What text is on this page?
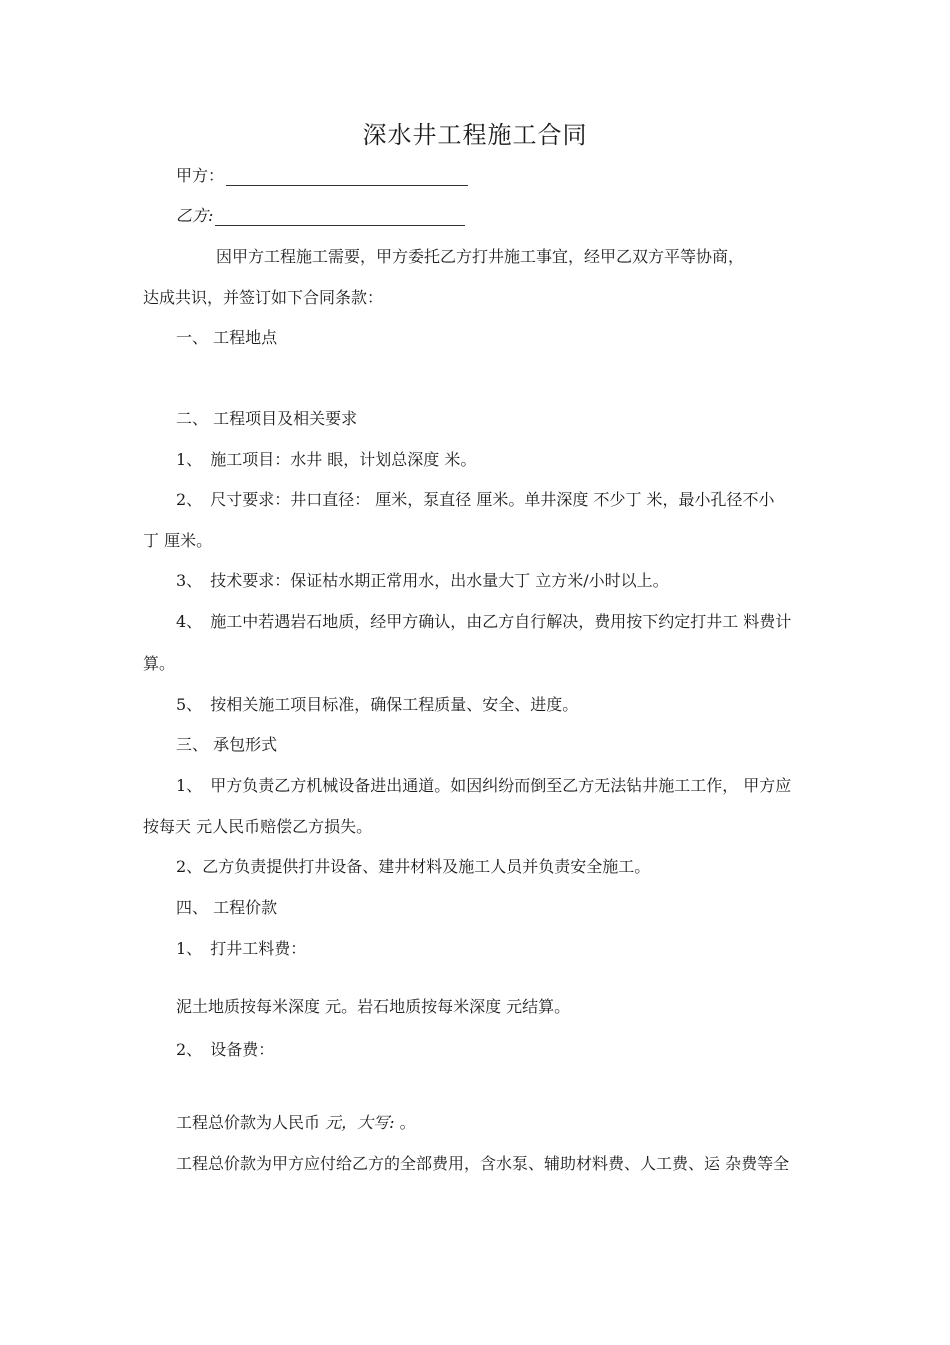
深水井工程施工合同
甲方：
乙方:
因甲方工程施工需要，甲方委托乙方打井施工事宜，经甲乙双方平等协商，
达成共识，并签订如下合同条款：
一、 工程地点
二、 工程项目及相关要求
1、 施工项目：水井 眼，计划总深度 米。
2、 尺寸要求：井口直径： 厘米，泵直径 厘米。单井深度 不少丁 米，最小孔径不小
丁 厘米。
3、 技术要求：保证枯水期正常用水，出水量大丁 立方米/小时以上。
4、 施工中若遇岩石地质，经甲方确认，由乙方自行解决，费用按下约定打井工 料费计
算。
5、 按相关施工项目标准，确保工程质量、安全、进度。
三、 承包形式
1、 甲方负责乙方机械设备进出通道。如因纠纷而倒至乙方无法钻井施工工作， 甲方应
按每天 元人民币赔偿乙方损失。
2、乙方负责提供打井设备、建井材料及施工人员并负责安全施工。
四、 工程价款
1、 打井工料费：
泥土地质按每米深度 元。岩石地质按每米深度 元结算。
2、 设备费：
工程总价款为人民币 元，大写: 。
工程总价款为甲方应付给乙方的全部费用，含水泵、辅助材料费、人工费、运 杂费等全
